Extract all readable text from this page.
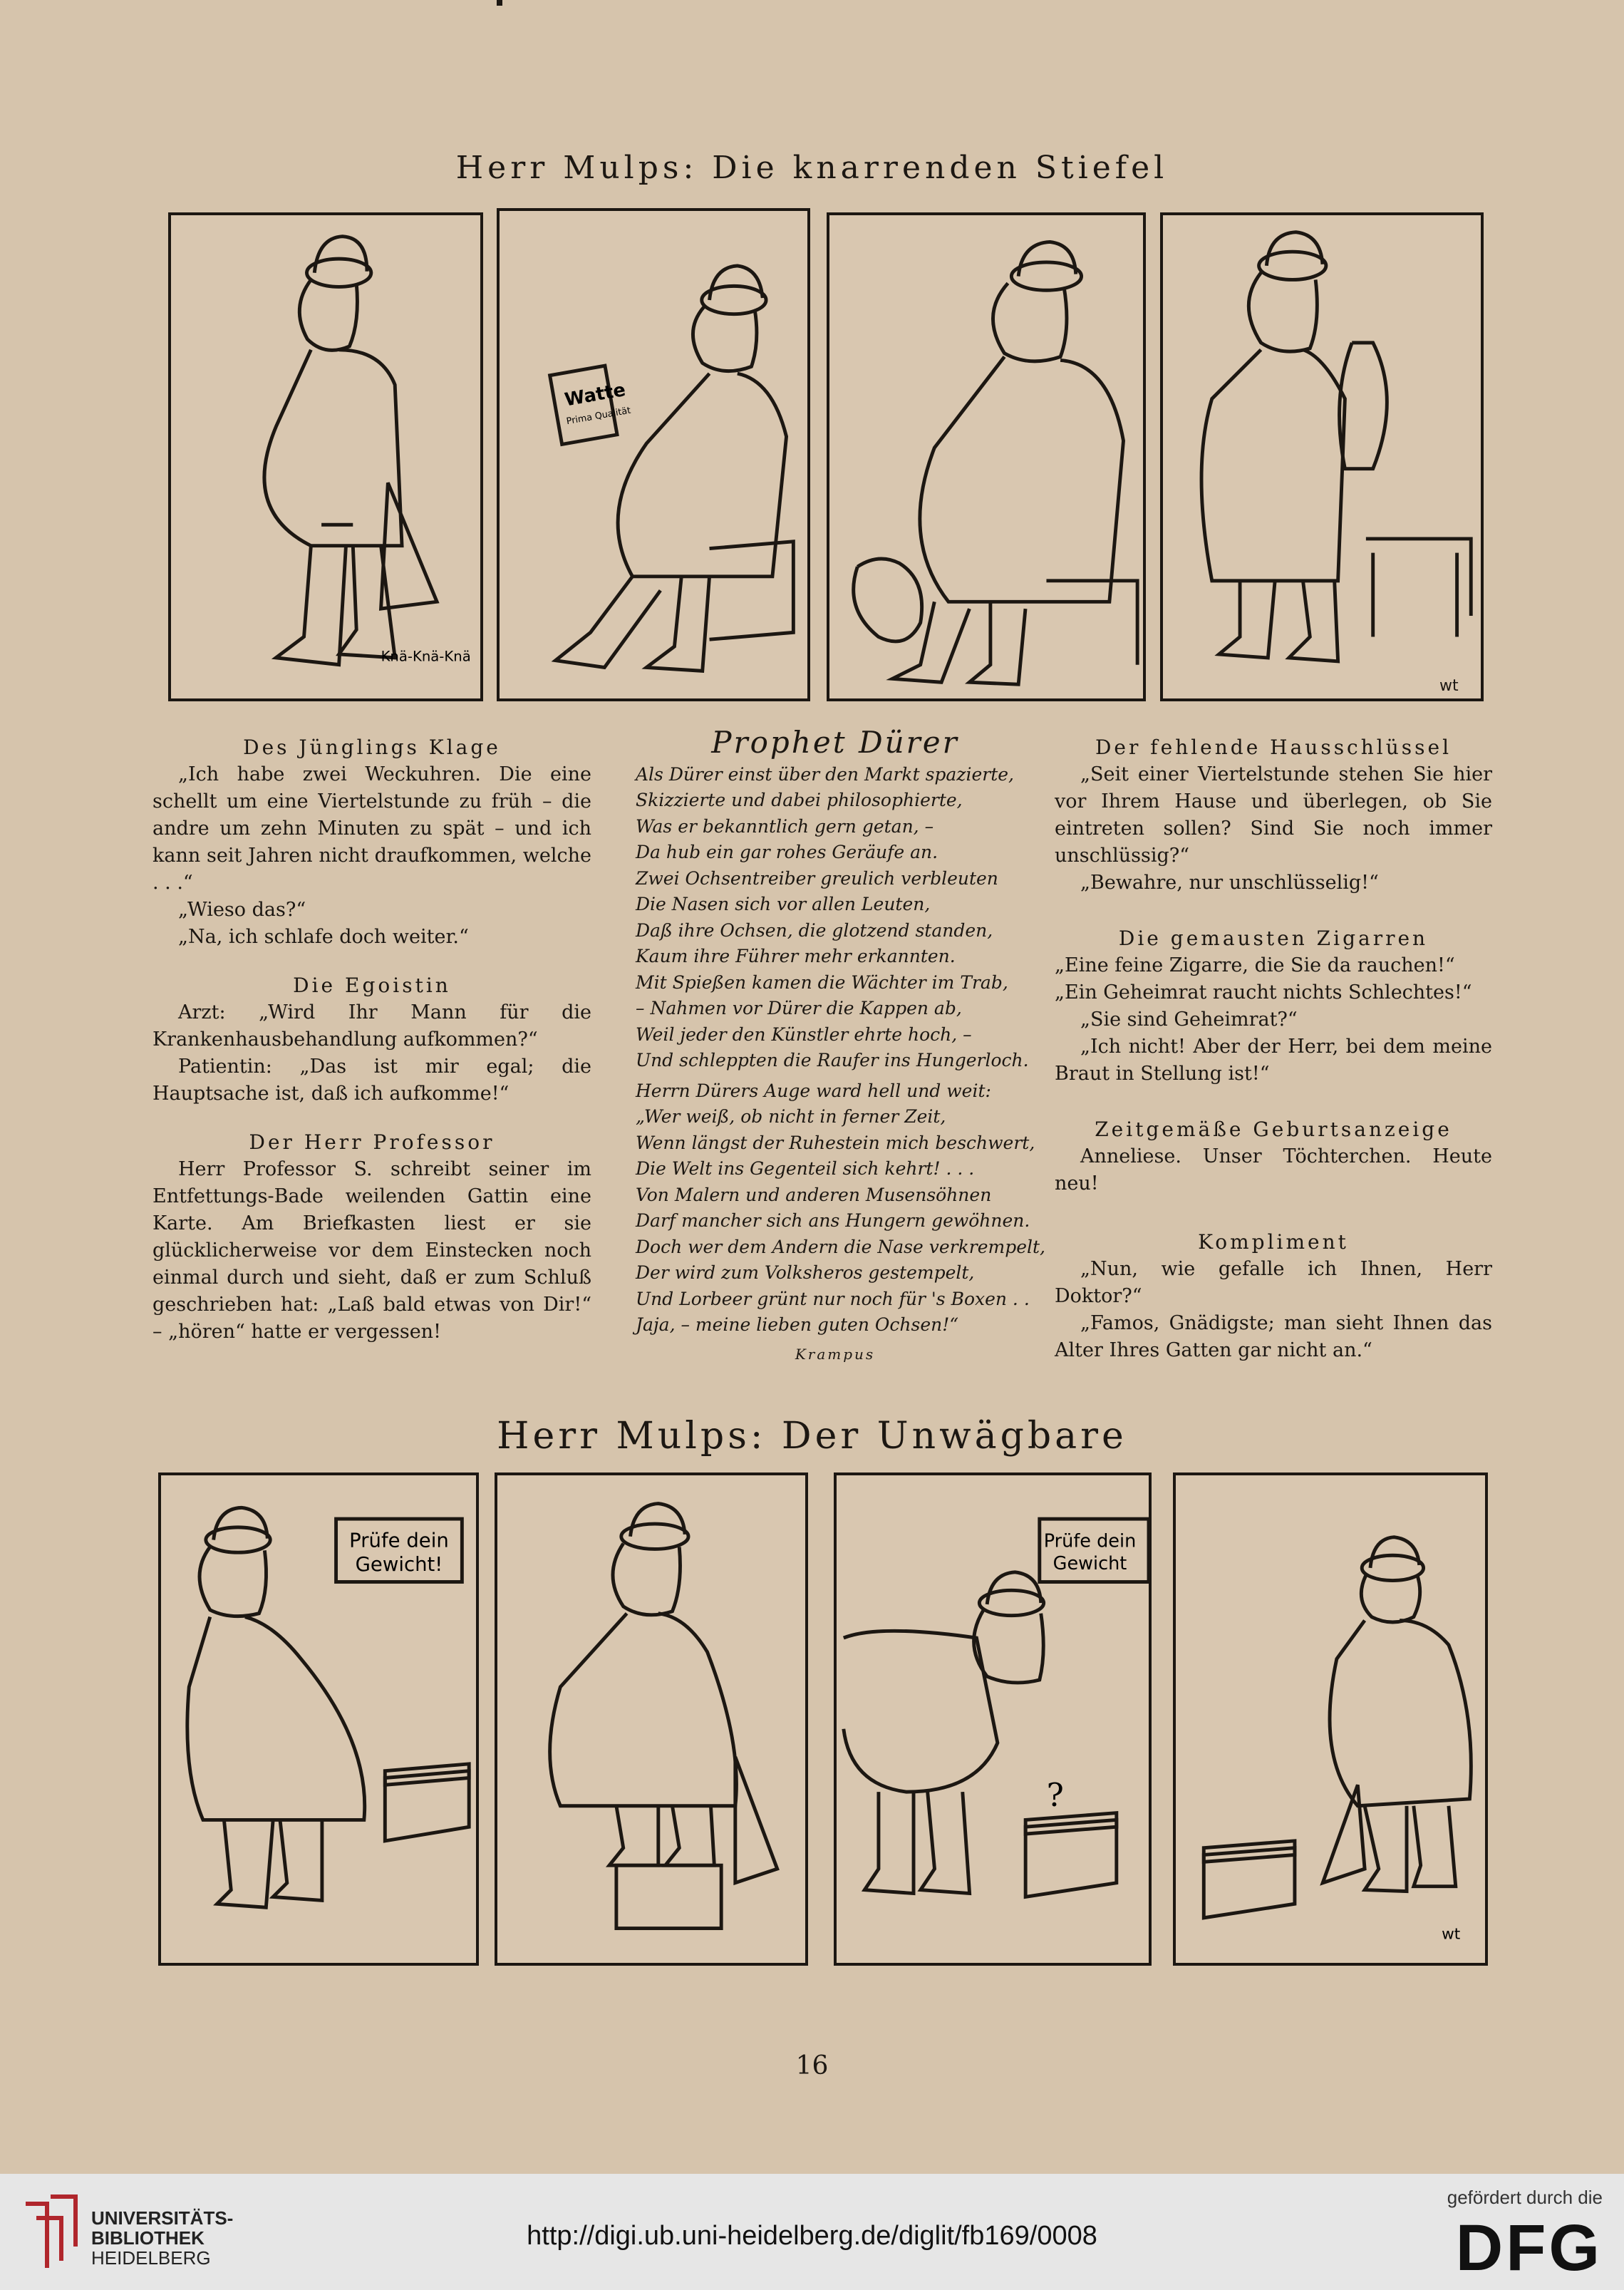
Herr Mulps: Die knarrenden Stiefel
Knä-Knä-Knä
Watte
Prima Qualität
Des Jünglings Klage

„Ich habe zwei Weckuhren. Die eine schellt um eine Viertelstunde zu früh – die andre um zehn Minuten zu spät – und ich kann seit Jahren nicht draufkommen, welche . . .“

„Wieso das?“

„Na, ich schlafe doch weiter.“

Die Egoistin

Arzt: „Wird Ihr Mann für die Krankenhausbehandlung aufkommen?“

Patientin: „Das ist mir egal; die Hauptsache ist, daß ich aufkomme!“

Der Herr Professor

Herr Professor S. schreibt seiner im Entfettungs-Bade weilenden Gattin eine Karte. Am Briefkasten liest er sie glücklicherweise vor dem Einstecken noch einmal durch und sieht, daß er zum Schluß geschrieben hat: „Laß bald etwas von Dir!“ – „hören“ hatte er vergessen!

Prophet Dürer
Als Dürer einst über den Markt spazierte,
Skizzierte und dabei philosophierte,
Was er bekanntlich gern getan, –
Da hub ein gar rohes Geräufe an.
Zwei Ochsentreiber greulich verbleuten
Die Nasen sich vor allen Leuten,
Daß ihre Ochsen, die glotzend standen,
Kaum ihre Führer mehr erkannten.
Mit Spießen kamen die Wächter im Trab,
– Nahmen vor Dürer die Kappen ab,
Weil jeder den Künstler ehrte hoch, –
Und schleppten die Raufer ins Hungerloch.
Herrn Dürers Auge ward hell und weit:
„Wer weiß, ob nicht in ferner Zeit,
Wenn längst der Ruhestein mich beschwert,
Die Welt ins Gegenteil sich kehrt! . . .
Von Malern und anderen Musensöhnen
Darf mancher sich ans Hungern gewöhnen.
Doch wer dem Andern die Nase verkrempelt,
Der wird zum Volksheros gestempelt,
Und Lorbeer grünt nur noch für 's Boxen . .
Jaja, – meine lieben guten Ochsen!“
Krampus
Der fehlende Hausschlüssel

„Seit einer Viertelstunde stehen Sie hier vor Ihrem Hause und überlegen, ob Sie eintreten sollen? Sind Sie noch immer unschlüssig?“

„Bewahre, nur unschlüsselig!“

Die gemausten Zigarren

„Eine feine Zigarre, die Sie da rauchen!“

„Ein Geheimrat raucht nichts Schlechtes!“

„Sie sind Geheimrat?“

„Ich nicht! Aber der Herr, bei dem meine Braut in Stellung ist!“

Zeitgemäße Geburtsanzeige

Anneliese. Unser Töchterchen. Heute neu!

Kompliment

„Nun, wie gefalle ich Ihnen, Herr Doktor?“

„Famos, Gnädigste; man sieht Ihnen das Alter Ihres Gatten gar nicht an.“

Herr Mulps: Der Unwägbare
Prüfe dein
Gewicht!
Prüfe dein
Gewicht
?
wt
16
wt
UNIVERSITÄTS-
BIBLIOTHEK
HEIDELBERG
http://digi.ub.uni-heidelberg.de/diglit/fb169/0008
gefördert durch die
DFG
